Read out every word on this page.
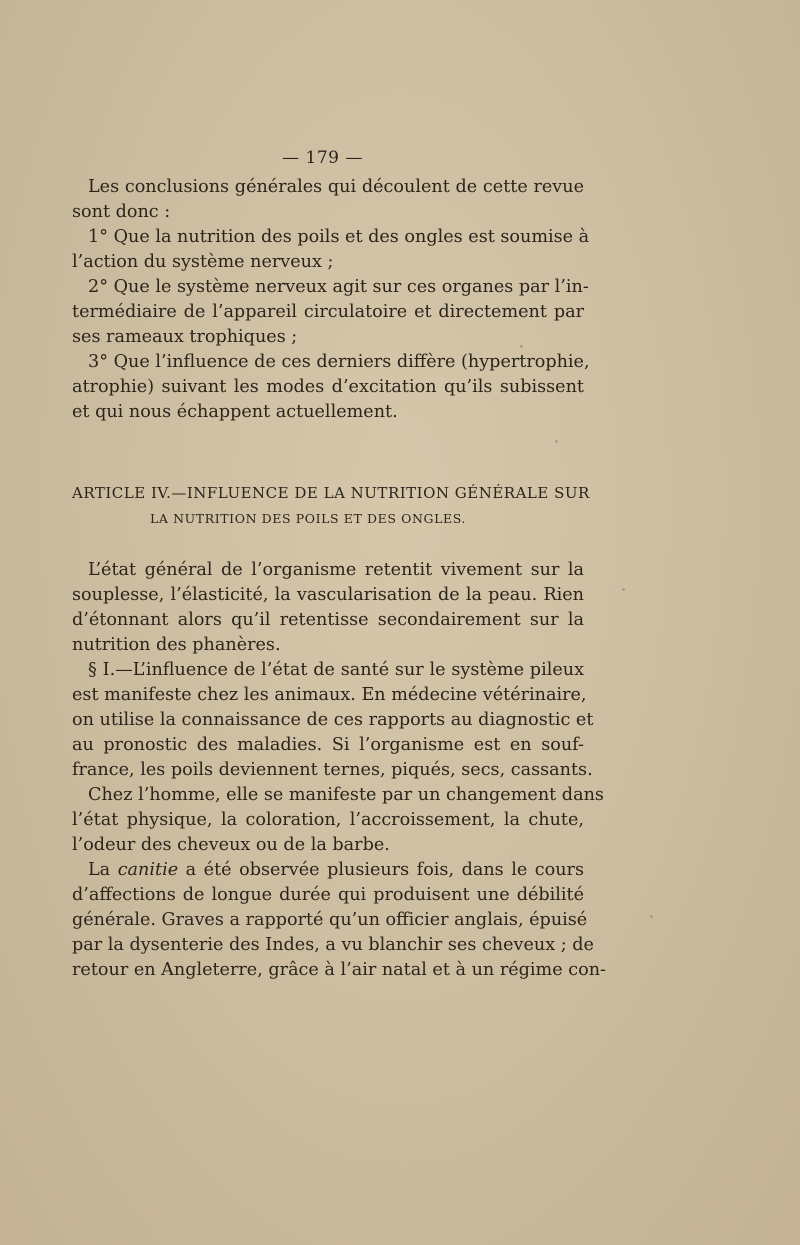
— 179 —
Les conclusions générales qui découlent de cette revue
sont donc :
1° Que la nutrition des poils et des ongles est soumise à
l’action du système nerveux ;
2° Que le système nerveux agit sur ces organes par l’in-
termédiaire de l’appareil circulatoire et directement par
ses rameaux trophiques ;
3° Que l’influence de ces derniers diffère (hypertrophie,
atrophie) suivant les modes d’excitation qu’ils subissent
et qui nous échappent actuellement.
ARTICLE IV.—INFLUENCE DE LA NUTRITION GÉNÉRALE SUR
LA NUTRITION DES POILS ET DES ONGLES.
L’état général de l’organisme retentit vivement sur la
souplesse, l’élasticité, la vascularisation de la peau. Rien
d’étonnant alors qu’il retentisse secondairement sur la
nutrition des phanères.
§ I.—L’influence de l’état de santé sur le système pileux
est manifeste chez les animaux. En médecine vétérinaire,
on utilise la connaissance de ces rapports au diagnostic et
au pronostic des maladies. Si l’organisme est en souf-
france, les poils deviennent ternes, piqués, secs, cassants.
Chez l’homme, elle se manifeste par un changement dans
l’état physique, la coloration, l’accroissement, la chute,
l’odeur des cheveux ou de la barbe.
La canitie a été observée plusieurs fois, dans le cours
d’affections de longue durée qui produisent une débilité
générale. Graves a rapporté qu’un officier anglais, épuisé
par la dysenterie des Indes, a vu blanchir ses cheveux ; de
retour en Angleterre, grâce à l’air natal et à un régime con-
